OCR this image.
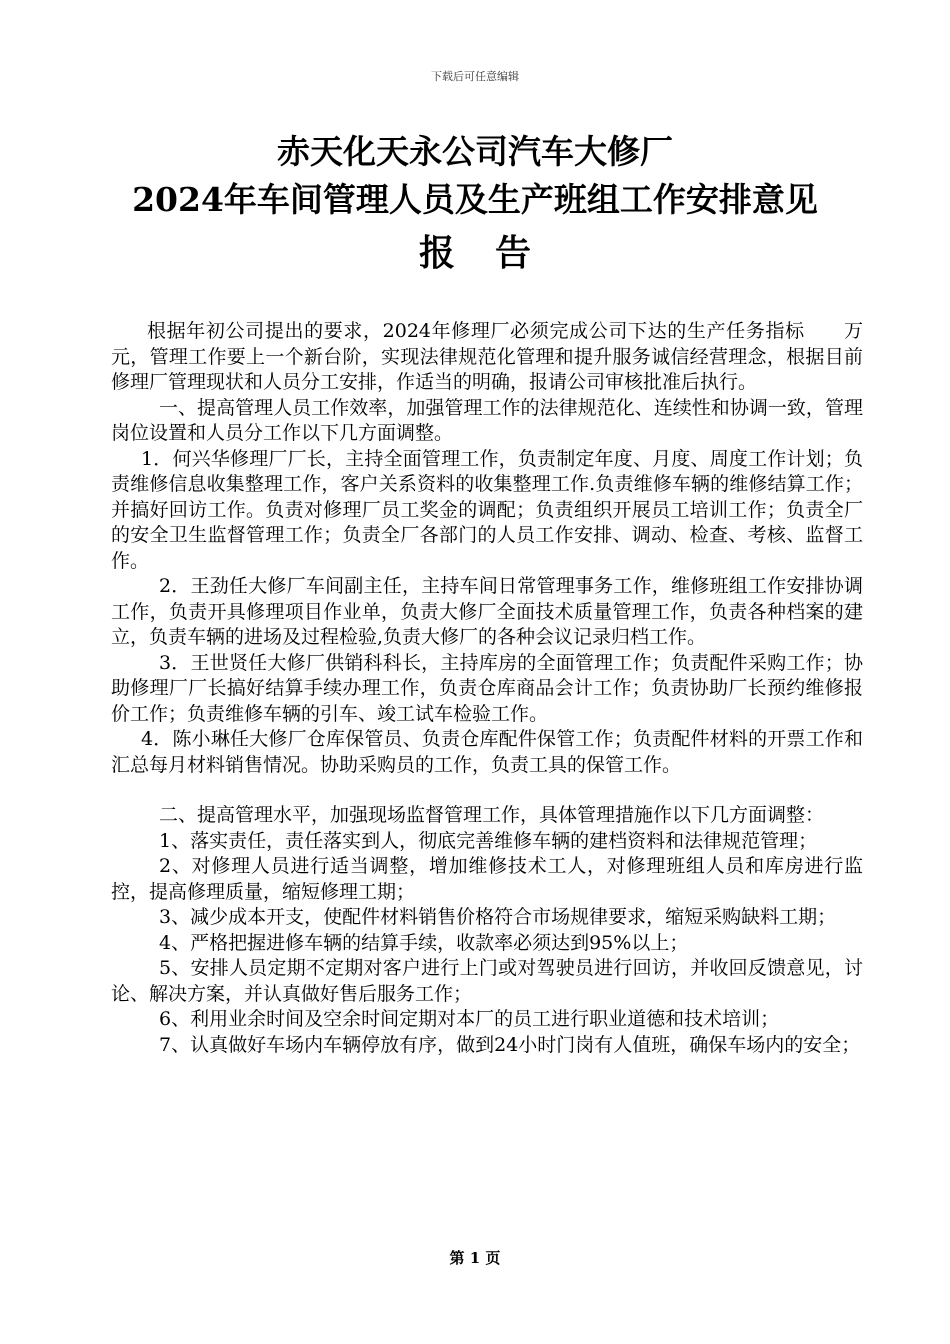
下载后可任意编辑
赤天化天永公司汽车大修厂
2024年车间管理人员及生产班组工作安排意见
报告

根据年初公司提出的要求，2024年修理厂必须完成公司下达的生产任务指标　　万元，管理工作要上一个新台阶，实现法律规范化管理和提升服务诚信经营理念，根据目前修理厂管理现状和人员分工安排，作适当的明确，报请公司审核批准后执行。

一、提高管理人员工作效率，加强管理工作的法律规范化、连续性和协调一致，管理岗位设置和人员分工作以下几方面调整。

1．何兴华修理厂厂长，主持全面管理工作，负责制定年度、月度、周度工作计划；负责维修信息收集整理工作，客户关系资料的收集整理工作.负责维修车辆的维修结算工作；并搞好回访工作。负责对修理厂员工奖金的调配；负责组织开展员工培训工作；负责全厂的安全卫生监督管理工作；负责全厂各部门的人员工作安排、调动、检查、考核、监督工作。

2．王劲任大修厂车间副主任，主持车间日常管理事务工作，维修班组工作安排协调工作，负责开具修理项目作业单，负责大修厂全面技术质量管理工作，负责各种档案的建立，负责车辆的进场及过程检验,负责大修厂的各种会议记录归档工作。

3．王世贤任大修厂供销科科长，主持库房的全面管理工作；负责配件采购工作；协助修理厂厂长搞好结算手续办理工作，负责仓库商品会计工作；负责协助厂长预约维修报价工作；负责维修车辆的引车、竣工试车检验工作。

4．陈小琳任大修厂仓库保管员、负责仓库配件保管工作；负责配件材料的开票工作和汇总每月材料销售情况。协助采购员的工作，负责工具的保管工作。

二、提高管理水平，加强现场监督管理工作，具体管理措施作以下几方面调整：

1、落实责任，责任落实到人，彻底完善维修车辆的建档资料和法律规范管理；

2、对修理人员进行适当调整，增加维修技术工人，对修理班组人员和库房进行监控，提高修理质量，缩短修理工期；

3、减少成本开支，使配件材料销售价格符合市场规律要求，缩短采购缺料工期；

4、严格把握进修车辆的结算手续，收款率必须达到95%以上；

5、安排人员定期不定期对客户进行上门或对驾驶员进行回访，并收回反馈意见，讨论、解决方案，并认真做好售后服务工作；

6、利用业余时间及空余时间定期对本厂的员工进行职业道德和技术培训；

7、认真做好车场内车辆停放有序，做到24小时门岗有人值班，确保车场内的安全；

第 1 页
